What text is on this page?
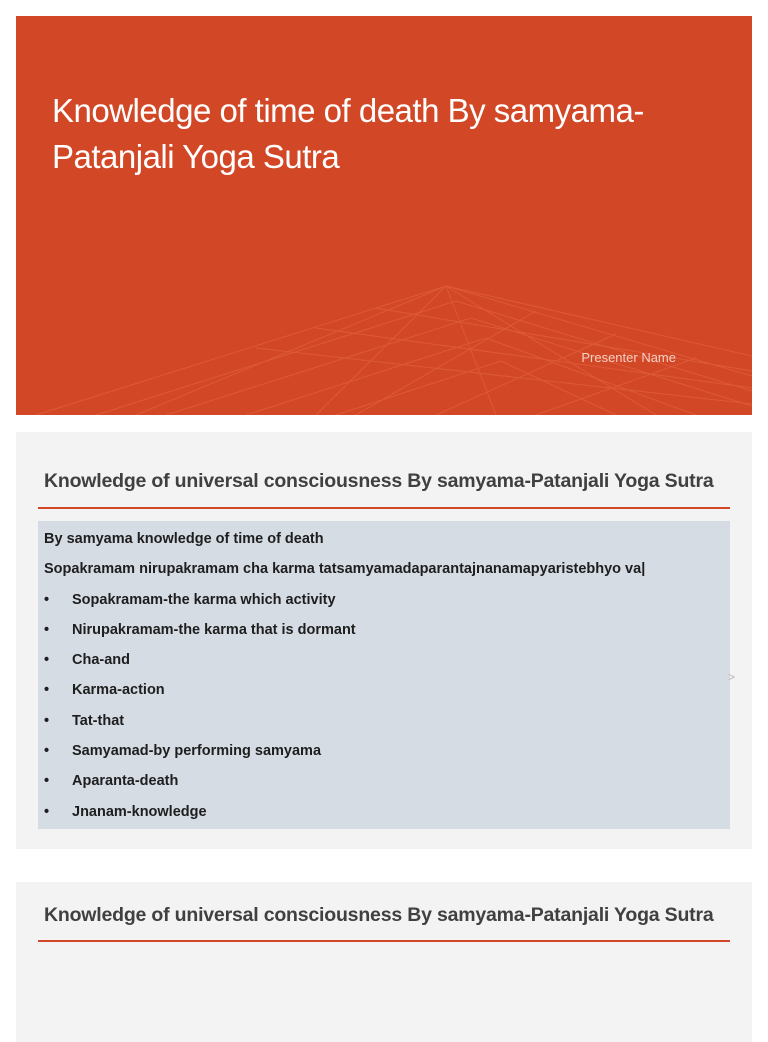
Knowledge of time of death By samyama-Patanjali Yoga Sutra
Presenter Name
Knowledge of universal consciousness By samyama-Patanjali Yoga Sutra
By samyama knowledge of time of death
Sopakramam nirupakramam cha karma tatsamyamadaparantajnanamapyaristebhyo va|
•	Sopakramam-the karma which activity
•	Nirupakramam-the karma that is dormant
•	Cha-and
•	Karma-action
•	Tat-that
•	Samyamad-by performing samyama
•	Aparanta-death
•	Jnanam-knowledge
>
Knowledge of universal consciousness By samyama-Patanjali Yoga Sutra
